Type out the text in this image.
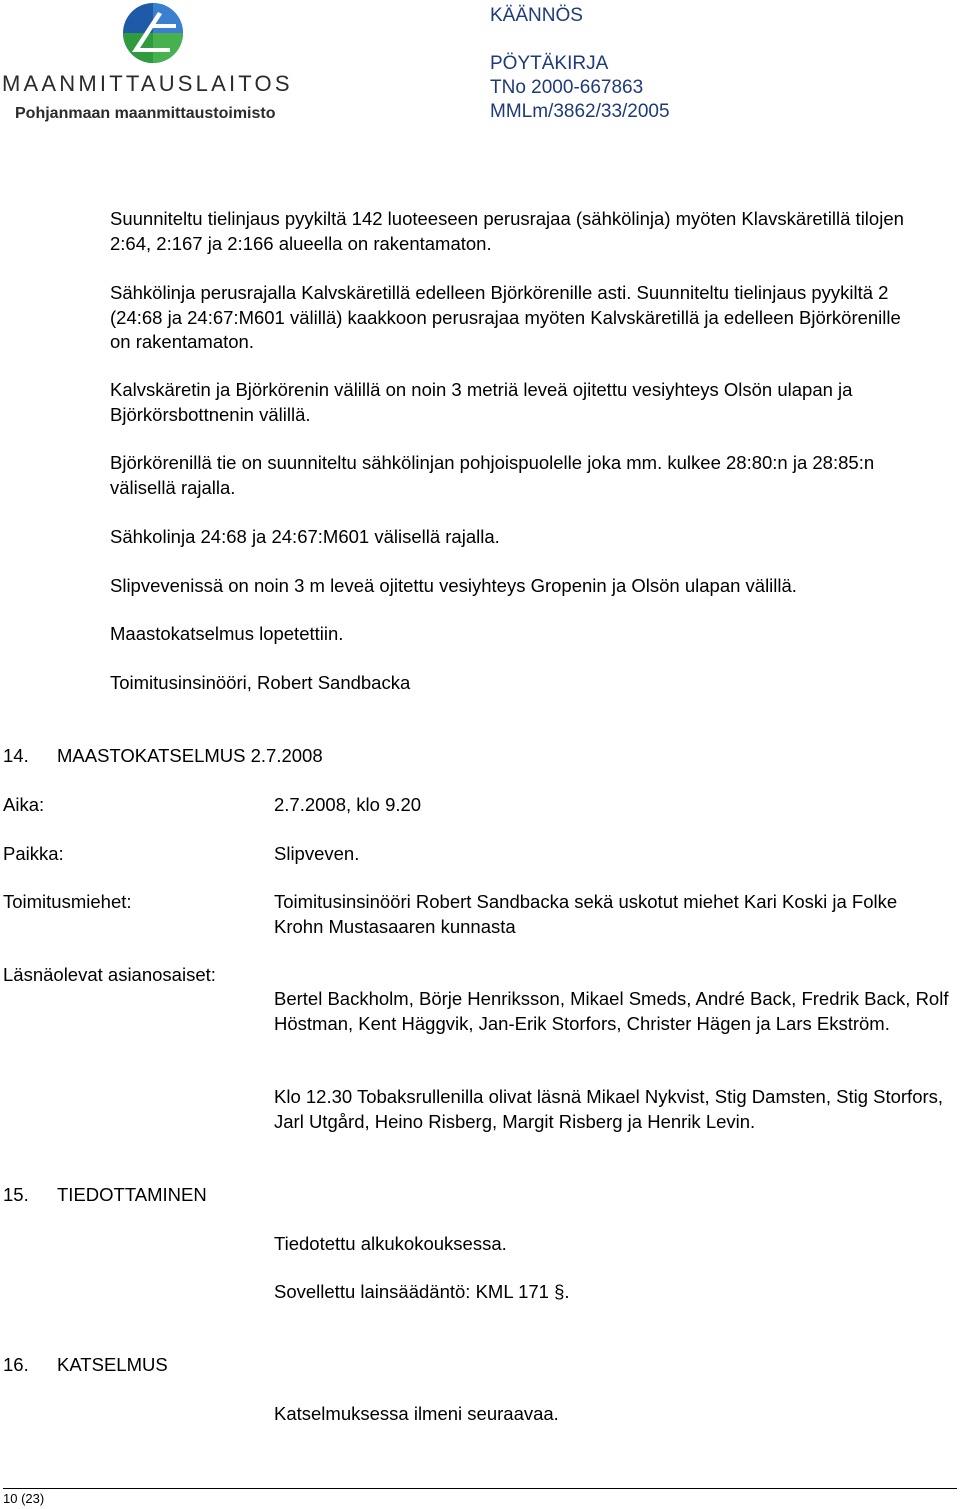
MAANMITTAUSLAITOS
Pohjanmaan maanmittaustoimisto
KÄÄNNÖS
PÖYTÄKIRJA
TNo 2000-667863
MMLm/3862/33/2005
Suunniteltu tielinjaus pyykiltä 142 luoteeseen perusrajaa (sähkölinja) myöten Klavskäretillä tilojen 2:64, 2:167 ja 2:166 alueella on rakentamaton.
Sähkölinja perusrajalla Kalvskäretillä edelleen Björkörenille asti. Suunniteltu tielinjaus pyykiltä 2 (24:68 ja 24:67:M601 välillä) kaakkoon perusrajaa myöten Kalvskäretillä ja edelleen Björkörenille on rakentamaton.
Kalvskäretin ja Björkörenin välillä on noin 3 metriä leveä ojitettu vesiyhteys Olsön ulapan ja Björkörsbottnenin välillä.
Björkörenillä tie on suunniteltu sähkölinjan pohjoispuolelle joka mm. kulkee 28:80:n ja 28:85:n välisellä rajalla.
Sähkolinja 24:68 ja 24:67:M601 välisellä rajalla.
Slipvevenissä on noin 3 m leveä ojitettu vesiyhteys Gropenin ja Olsön ulapan välillä.
Maastokatselmus lopetettiin.
Toimitusinsinööri, Robert Sandbacka
14. MAASTOKATSELMUS 2.7.2008
Aika:	2.7.2008, klo 9.20
Paikka:	Slipveven.
Toimitusmiehet:	Toimitusinsinööri Robert Sandbacka sekä uskotut miehet Kari Koski ja Folke Krohn Mustasaaren kunnasta
Läsnäolevat asianosaiset:
Bertel Backholm, Börje Henriksson, Mikael Smeds, André Back, Fredrik Back, Rolf Höstman, Kent Häggvik, Jan-Erik Storfors, Christer Hägen ja Lars Ekström.
Klo 12.30 Tobaksrullenilla olivat läsnä Mikael Nykvist, Stig Damsten, Stig Storfors, Jarl Utgård, Heino Risberg, Margit Risberg ja Henrik Levin.
15. TIEDOTTAMINEN
Tiedotettu alkukokouksessa.
Sovellettu lainsäädäntö: KML 171 §.
16. KATSELMUS
Katselmuksessa ilmeni seuraavaa.
10 (23)
